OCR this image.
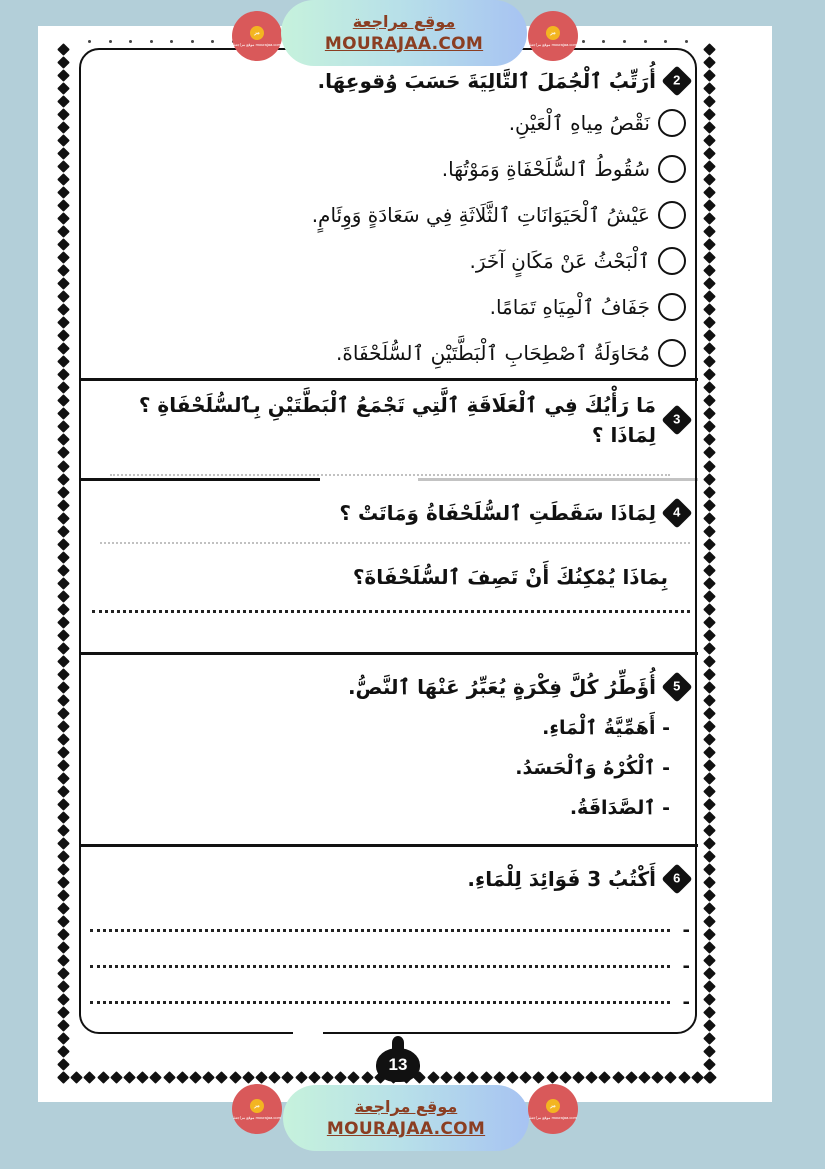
ﻣﺮ
موقع مراجعة mourajaa.com
موقع مراجعة
MOURAJAA.COM
ﻣﺮ
موقع مراجعة mourajaa.com
2
أُرَتِّبُ ٱلْجُمَلَ ٱلتَّالِيَةَ حَسَبَ وُقوعِهَا.
نَقْصُ مِياهِ ٱلْعَيْنِ.
سُقُوطُ ٱلسُّلَحْفَاةِ وَمَوْتُهَا.
عَيْشُ ٱلْحَيَوَانَاتِ ٱلثَّلَاثَةِ فِي سَعَادَةٍ وَوِئَامٍ.
ٱلْبَحْثُ عَنْ مَكَانٍ آخَرَ.
جَفَافُ ٱلْمِيَاهِ تَمَامًا.
مُحَاوَلَةُ ٱصْطِحَابِ ٱلْبَطَّتَيْنِ ٱلسُّلَحْفَاةَ.
3
مَا رَأْيُكَ فِي ٱلْعَلَاقَةِ ٱلَّتِي تَجْمَعُ ٱلْبَطَّتَيْنِ بِٱلسُّلَحْفَاةِ ؟ لِمَاذَا ؟
4
لِمَاذَا سَقَطَتِ ٱلسُّلَحْفَاةُ وَمَاتَتْ ؟
بِمَاذَا يُمْكِنُكَ أَنْ تَصِفَ ٱلسُّلَحْفَاةَ؟
5
أُؤَطِّرُ كُلَّ فِكْرَةٍ يُعَبِّرُ عَنْهَا ٱلنَّصُّ.
- أَهَمِّيَّةُ ٱلْمَاءِ.
- ٱلْكُرْهُ وَٱلْحَسَدُ.
- ٱلصَّدَاقَةُ.
6
أَكْتُبُ 3 فَوَائِدَ لِلْمَاءِ.
-
-
-
13
ﻣﺮ
موقع مراجعة mourajaa.com
موقع مراجعة
MOURAJAA.COM
ﻣﺮ
موقع مراجعة mourajaa.com
